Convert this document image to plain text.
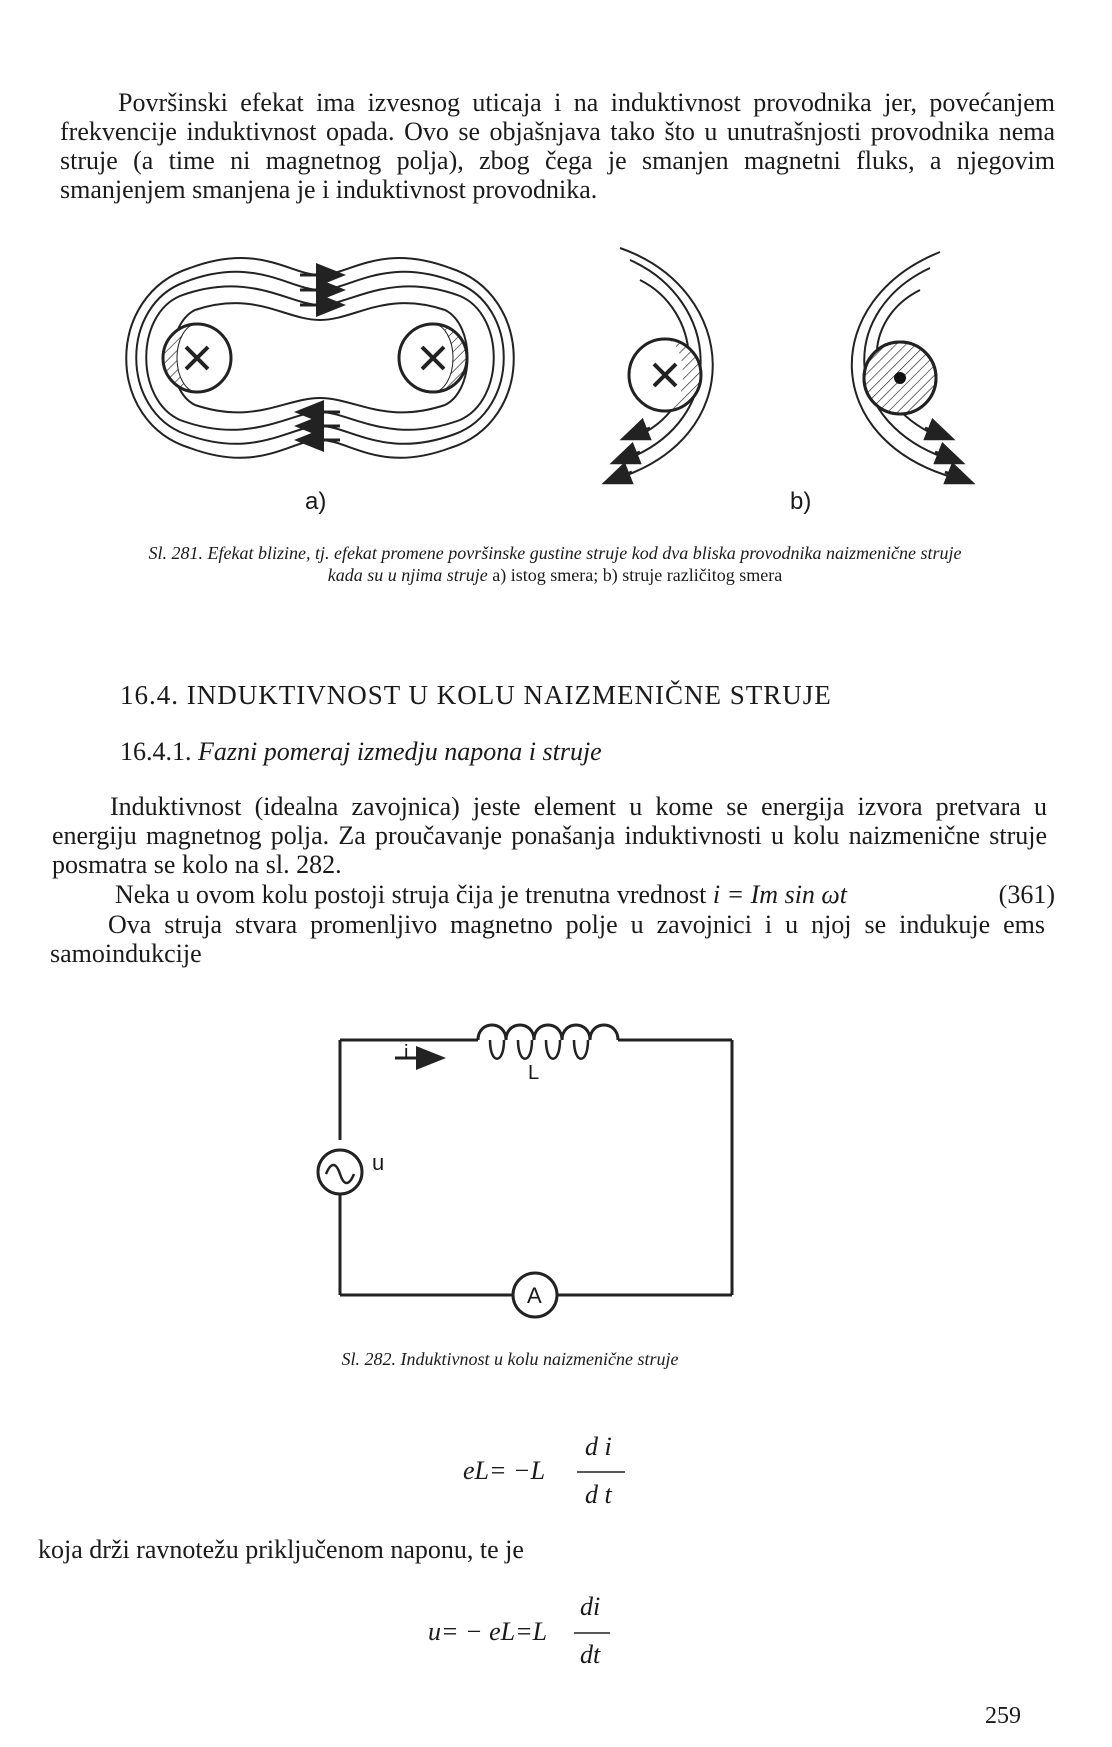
Površinski efekat ima izvesnog uticaja i na induktivnost provodnika jer, povećanjem frekvencije induktivnost opada. Ovo se objašnjava tako što u unutrašnjosti provodnika nema struje (a time ni magnetnog polja), zbog čega je smanjen magnetni fluks, a njegovim smanjenjem smanjena je i induktivnost provodnika.

a)	b)

Sl. 281. Efekat blizine, tj. efekat promene površinske gustine struje kod dva bliska provodnika naizmenične struje kada su u njima struje a) istog smera; b) struje različitog smera

16.4. INDUKTIVNOST U KOLU NAIZMENIČNE STRUJE

16.4.1. Fazni pomeraj izmedju napona i struje

Induktivnost (idealna zavojnica) jeste element u kome se energija izvora pretvara u energiju magnetnog polja. Za proučavanje ponašanja induktivnosti u kolu naizmenične struje posmatra se kolo na sl. 282.

Neka u ovom kolu postoji struja čija je trenutna vrednost i = Im sin ωt	(361)

Ova struja stvara promenljivo magnetno polje u zavojnici i u njoj se indukuje ems samoindukcije

i
L
u
A

Sl. 282. Induktivnost u kolu naizmenične struje

eL= −L
d i
d t

koja drži ravnotežu priključenom naponu, te je

u= − eL=L
di
dt
259
